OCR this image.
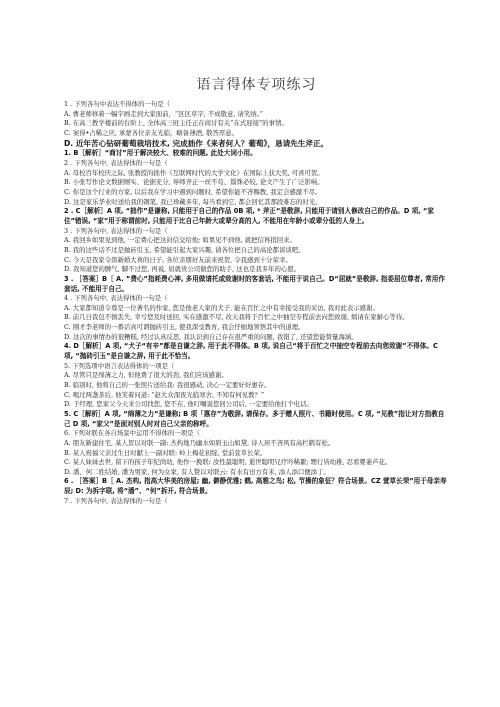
语言得体专项练习
1 . 下列各句中表达不得体的一句是（
A. 曹老师移着一幅字画走到大家面前，“区区草字, 不成敬意, 请笑纳。”
B. 在高三教学楼前的台阶上, 全体高三班主任正在商讨有关“在式迎接”的事情。
C. 案得•占稀之庆, 承蒙各位亲友光临，略备薄酒, 敬答厚意。
D. 近年苦心钻研葡萄栽培技术, 完成拙作《来者何人？葡萄》，恳请先生斧正。
1. B［解析］“商讨”用于解决较大、较难的问题, 此处大词小用。
2 . 下列各句中, 表达得体的一句是（
A. 母校百年校庆之际, 张教授的拙作《互联网时代的大学文化》在国际上获大奖, 可喜可贺。
B. 小张写作论文数据厕实、论据充分, 导师齐正一丝不苟、锱铢必较, 论文产生了广泛影响。
C. 你是这个行业的方家, 以后我在学习中遇到问题时, 希望你能不吝赐教, 我定会感激不尽。
D. 这是家乐华业时送给我的钢笔, 我已珍藏多年, 每当看到它, 都会回忆其那段难忘的时光。
2 . C［解析］A 项, “拙作”是谦称, 只能用于自己的作品 0B 项, * 斧正“是敬辞, 只能用于请别人修改自己的作品。D 项, “家住”错误, “家”用于称谓前时, 只能用于比自己年龄大或辈分高的人, 不能用在年龄小或辈分低的人身上。
3 . 下列各句中, 表达得体的一句是（
A. 我回乡如果见到他, 一定费心把这封信交给他; 如果见不到他, 就把信再捎回来。
B. 我的这些话不过是抛砖引玉, 希望能引起大家兴趣, 请各位把自己的高论都谈谈吧。
C. 今天是我家令郎新婚大喜的日子, 各位亲朋好友前来祝贺, 令我感到十分荣幸。
D. 我知道您的脾气, 脚不过您, 再说, 屈就贵公司做您的助手, 这也是我多年的心愿。
3 . ［答案］B［ A. ”费心”指耗费心神, 多用做请托或致谢时的客套话, 不能用于说自己。D“屈就”是敬辞, 指委屈位尊者, 常用作套话, 不能用于自己。
4 . 下列各句中, 表达得体的一句是（
A. 大家都知道令尊是一位著名的作家, 您是他老人家的犬子, 能在百忙之中有幸接受我的采访, 我对此表示感谢。
B. 前几日我包不慎丢失, 幸亏您及时送回, 实在感激不尽, 改天我将于百忙之中抽空专程前去向您致谢, 烦请在家耐心等待。
C. 刚才李老师的一番话真可谓抛砖引玉, 使我深受教育, 我会仔细地领悟其中的道理。
D. 这次的事情办的很糟糕, 经过认真反思, 我认识到自己存在很严重的问题, 我错了, 还望您能赞量海涵。
4. D［解析］A 项, “犬子“有辛”都是自谦之辞, 用于此不得体。B 项, 说自己“将于百忙之中抽空专程前去向您致谢”不得体。C 项, “抛砖引玉”是自谦之辞, 用于此不恰当。
5. 下列选项中语言表达得体的一项是（
A. 尽管只是绵薄之力, 但他费了很大的劲, 我们应该感谢。
B. 临别时, 他将自己的一张照片送给我: 我很感动, 决心一定要好好惠存。
C. 喝过两盏茶后, 他笑着问道: “赵大众深夜光临寒舍, 不知有何见教？”
D. 于经理, 您家父今天来公司找您, 您不在, 他叮嘱说您回公司后, 一定要给他打个电话。
5. C［解析］A 项, “绵薄之力”是谦称; B 项「惠存”为敬辞, 请保存。多于赠人照片、书籍时使用。C 项, “见教”指让对方指教自己 D 项, “家父”是面对别人时对自己父亲的称呼。
6. 下列对联在各自场景中运用不得体的一项是（
A. 朋友新建住宅, 某人贺以对联一副: 杰构地乃幽水如碧玉山如黛, 诗人居不吝风有高栏鹤有松。
B. 某人祝福父亲过生日时献上一副对联: 岭上梅花初绽, 堂前萱草长荣。
C. 某人妹妹去世, 留下的孩子年纪尚幼, 他作一挽联: 汝性最聪明, 逝世聪明兄疗吟稀絮; 甥行皆幼稚, 忍看婴萎芦花。
D. 潘、何二姓结婚, 潘为男家, 何为女家, 有人赞以对联云: 有水有田方有米, 添人添口便添丁。
6 . ［答案］B［ A. 杰构, 指高大华美的房屋; 幽, 僻静优雅; 鹤, 高雅之鸟; 松, 节操的象征？符合场景。CZ 萱草长荣”用于母亲寿辰; D: 为拆字联, 将“潘”、“何”拆开, 符合场景。
7 . 下列各句中, 表达得体的一句是（
